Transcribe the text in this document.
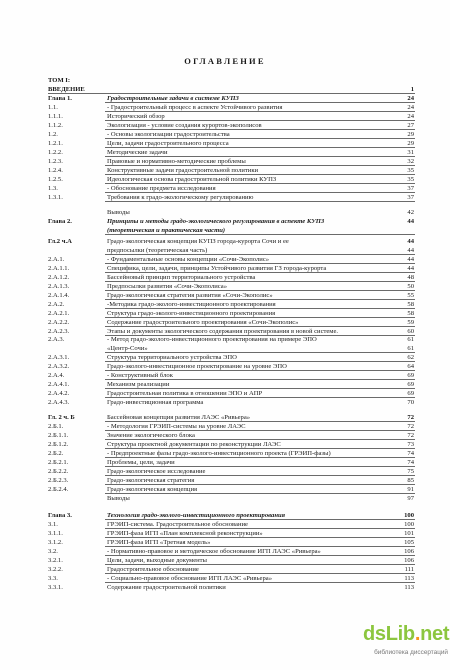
ОГЛАВЛЕНИЕ
ТОМ I:
ВВЕДЕНИЕ	1
Глава 1.	Градостроительные задачи в системе КУПЗ	24
1.1.	- Градостроительный процесс в аспекте Устойчивого развития	24
1.1.1.	Исторический обзор	24
1.1.2.	Экологизация - условие создания курортов-экополисов	27
1.2.	- Основы экологизации градостроительства	29
1.2.1.	Цели, задачи градостроительного процесса	29
1.2.2.	Методические задачи	31
1.2.3.	Правовые и нормативно-методические проблемы	32
1.2.4.	Конструктивные задачи градостроительной политики	35
1.2.5.	Идеологическая основа градостроительной политики КУПЗ	35
1.3.	- Обоснование предмета исследования	37
1.3.1.	Требования к градо-экологическому регулированию	37
Выводы	42
Глава 2.	Принципы и методы градо-экологического регулирования в аспекте КУПЗ	44
(теоретическая и практическая части)
Гл.2 ч.А	Градо-экологическая концепция КУПЗ города-курорта Сочи и ее	44
предпосылки (теоретическая часть)	44
2.А.1.	- Фундаментальные основы концепции «Сочи-Экополис»	44
2.А.1.1.	Специфика, цели, задачи, принципы Устойчивого развития ГЗ города-курорта	44
2.А.1.2.	Бассейновый принцип территориального устройства	48
2.А.1.3.	Предпосылки развития «Сочи-Экополиса»	50
2.А.1.4.	Градо-экологическая стратегия развития «Сочи-Экополис»	55
2.А.2.	-Методика градо-эколого-инвестиционного проектирования	58
2.А.2.1.	Структура градо-эколого-инвестиционного проектирования	58
2.А.2.2.	Содержание градостроительного проектирования «Сочи-Экополис»	59
2.А.2.3.	Этапы и документы экологического содержания проектирования в новой системе.	60
2.А.3.	- Метод градо-эколого-инвестиционного проектирования на примере ЭПО	61
«Центр-Сочи»	61
2.А.3.1.	Структура территориального устройства ЭПО	62
2.А.3.2.	Градо-эколого-инвестиционное проектирование на уровне ЭПО	64
2.А.4.	- Конструктивный блок	69
2.А.4.1.	Механизм реализации	69
2.А.4.2.	Градостроительная политика в отношении ЭПО и АПР	69
2.А.4.3.	Градо-инвестиционная программа	70
Гл. 2 ч. Б	Бассейновая концепция развития ЛАЭС «Ривьера»	72
2.Б.1.	- Методология ГРЭИП-системы на уровне ЛАЭС	72
2.Б.1.1.	Значение экологического блока	72
2.Б.1.2.	Структура проектной документации по реконструкции ЛАЭС	73
2.Б.2.	- Предпроектные фазы градо-эколого-инвестиционного проекта (ГРЭИП-фазы)	74
2.Б.2.1.	Проблемы, цели, задачи	74
2.Б.2.2.	Градо-экологическое исследование	75
2.Б.2.3.	Градо-экологическая стратегия	85
2.Б.2.4.	Градо-экологическая концепция	91
Выводы	97
Глава 3.	Технология градо-эколого-инвестиционного проектирования	100
3.1.	ГРЭИП-система. Градостроительное обоснование	100
3.1.1.	ГРЭИП-фаза ИГП «План комплексной реконструкции»	101
3.1.2.	ГРЭИП-фаза ИГП «Третная модель»	105
3.2.	- Нормативно-правовое и методическое обоснование ИГП ЛАЭС «Ривьера»	106
3.2.1.	Цели, задачи, выходные документы	106
3.2.2.	Градостроительное обоснование	111
3.3.	- Социально-правовое обоснование ИГП ЛАЭС «Ривьера»	113
3.3.1.	Содержание градостроительной политики	113
dsLib.net
библиотека диссертаций
